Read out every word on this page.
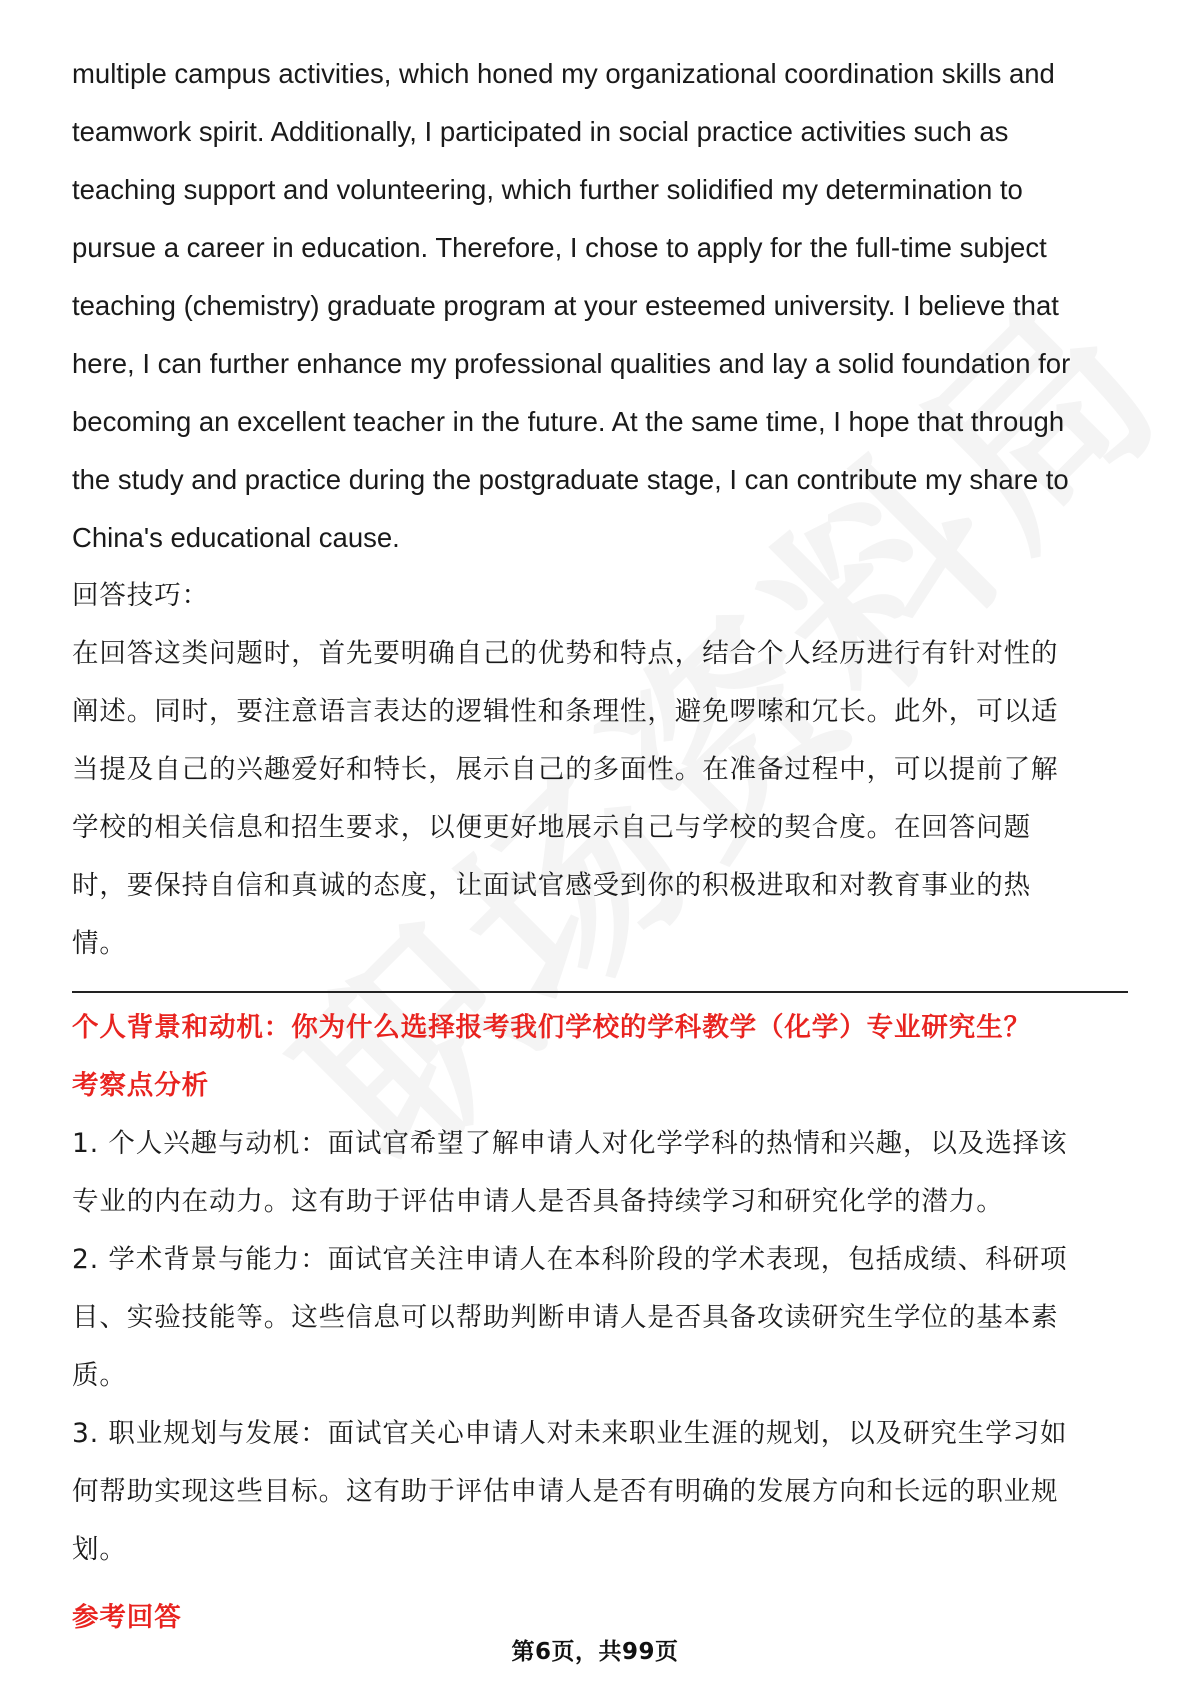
multiple campus activities, which honed my organizational coordination skills and
teamwork spirit. Additionally, I participated in social practice activities such as
teaching support and volunteering, which further solidified my determination to
pursue a career in education. Therefore, I chose to apply for the full-time subject
teaching (chemistry) graduate program at your esteemed university. I believe that
here, I can further enhance my professional qualities and lay a solid foundation for
becoming an excellent teacher in the future. At the same time, I hope that through
the study and practice during the postgraduate stage, I can contribute my share to
China's educational cause.
回答技巧：
在回答这类问题时，首先要明确自己的优势和特点，结合个人经历进行有针对性的
阐述。同时，要注意语言表达的逻辑性和条理性，避免啰嗦和冗长。此外，可以适
当提及自己的兴趣爱好和特长，展示自己的多面性。在准备过程中，可以提前了解
学校的相关信息和招生要求，以便更好地展示自己与学校的契合度。在回答问题
时，要保持自信和真诚的态度，让面试官感受到你的积极进取和对教育事业的热
情。
个人背景和动机：你为什么选择报考我们学校的学科教学（化学）专业研究生？
考察点分析
1. 个人兴趣与动机：面试官希望了解申请人对化学学科的热情和兴趣，以及选择该
专业的内在动力。这有助于评估申请人是否具备持续学习和研究化学的潜力。
2. 学术背景与能力：面试官关注申请人在本科阶段的学术表现，包括成绩、科研项
目、实验技能等。这些信息可以帮助判断申请人是否具备攻读研究生学位的基本素
质。
3. 职业规划与发展：面试官关心申请人对未来职业生涯的规划，以及研究生学习如
何帮助实现这些目标。这有助于评估申请人是否有明确的发展方向和长远的职业规
划。
参考回答
第6页，共99页
